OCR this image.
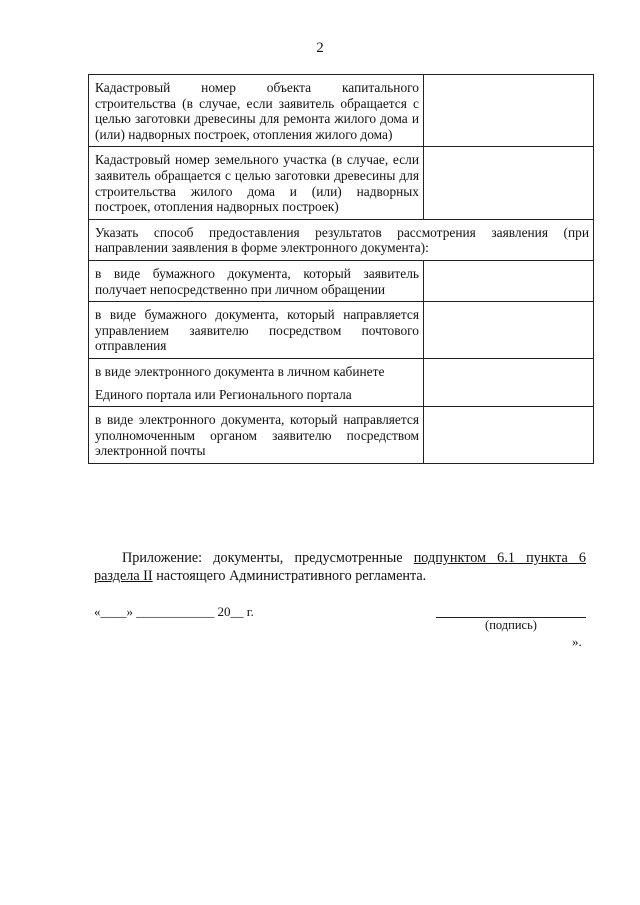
2
Кадастровый номер объекта капитального строительства (в случае, если заявитель обращается с целью заготовки древесины для ремонта жилого дома и (или) надворных построек, отопления жилого дома)	
Кадастровый номер земельного участка (в случае, если заявитель обращается с целью заготовки древесины для строительства жилого дома и (или) надворных построек, отопления надворных построек)	
Указать способ предоставления результатов рассмотрения заявления (при направлении заявления в форме электронного документа):	
в виде бумажного документа, который заявитель получает непосредственно при личном обращении	
в виде бумажного документа, который направляется управлением заявителю посредством почтового отправления	

в виде электронного документа в личном кабинете
Единого портала или Регионального портала	

в виде электронного документа, который направляется уполномоченным органом заявителю посредством электронной почты	
Приложение: документы, предусмотренные подпунктом 6.1 пункта 6 раздела II настоящего Административного регламента.
«____» ____________ 20__ г.
(подпись)
».
